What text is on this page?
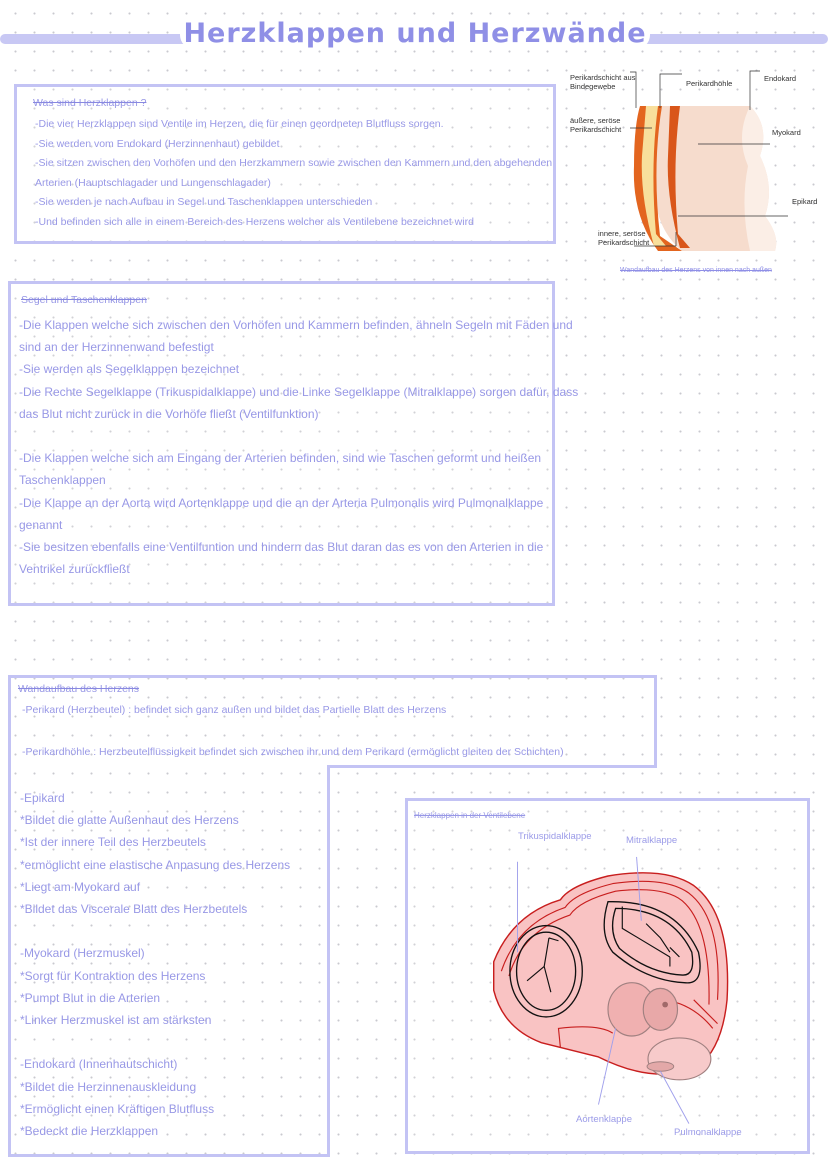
Herzklappen und Herzwände
Was sind Herzklappen ?
-Die vier Herzklappen sind Ventile im Herzen, die für einen geordneten Blutfluss sorgen.
-Sie werden vom Endokard (Herzinnenhaut) gebildet
-Sie sitzen zwischen den Vorhöfen und den Herzkammern sowie zwischen den Kammern und den abgehenden
Arterien (Hauptschlagader und Lungenschlagader)
-Sie werden je nach Aufbau in Segel und Taschenklappen unterschieden
-Und befinden sich alle in einem Bereich des Herzens welcher als Ventilebene bezeichnet wird
Perikardschicht aus Bindegewebe	Perikardhöhle
Endokard
äußere, seröse Perikardschicht	Myokard
Epikard
innere, seröse Perikardschicht
Wandaufbau des Herzens von innen nach außen
Segel und Taschenklappen
-Die Klappen welche sich zwischen den Vorhöfen und Kammern befinden, ähneln Segeln mit Fäden und
sind an der Herzinnenwand befestigt
-Sie werden als Segelklappen bezeichnet
-Die Rechte Segelklappe (Trikuspidalklappe) und die Linke Segelklappe (Mitralklappe) sorgen dafür, dass
das Blut nicht zurück in die Vorhöfe fließt (Ventilfunktion)
-Die Klappen welche sich am Eingang der Arterien befinden, sind wie Taschen geformt und heißen
Taschenklappen
-Die Klappe an der Aorta wird Aortenklappe und die an der Arteria Pulmonalis wird Pulmonalklappe
genannt
-Sie besitzen ebenfalls eine Ventilfuntion und hindern das Blut daran das es von den Arterien in die
Ventrikel zurückfließt
Wandaufbau des Herzens
-Perikard (Herzbeutel) : befindet sich ganz außen und bildet das Partielle Blatt des Herzens
-Perikardhöhle : Herzbeutelflüssigkeit befindet sich zwischen ihr und dem Perikard (ermöglicht gleiten der Schichten)
-Epikard
*Bildet die glatte Außenhaut des Herzens
*Ist der innere Teil des Herzbeutels
*ermöglicht eine elastische Anpasung des Herzens
*Liegt am Myokard auf
*Bildet das Viscerale Blatt des Herzbeutels
-Myokard (Herzmuskel)
*Sorgt für Kontraktion des Herzens
*Pumpt Blut in die Arterien
*Linker Herzmuskel ist am stärksten
-Endokard (Innenhautschicht)
*Bildet die Herzinnenauskleidung
*Ermöglicht einen Kräftigen Blutfluss
*Bedeckt die Herzklappen
Herzklappen in der Ventilebene
Trikuspidalklappe	Mitralklappe
Aortenklappe
Pulmonalklappe
